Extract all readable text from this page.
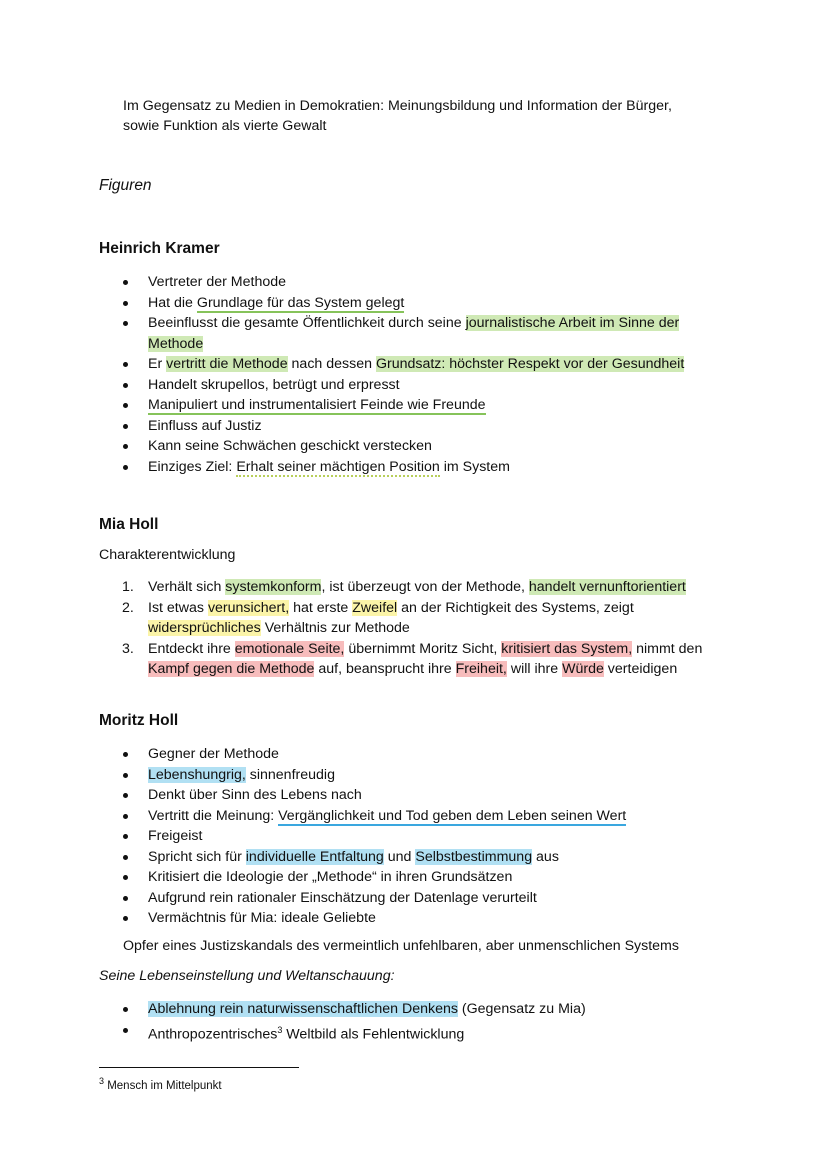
Im Gegensatz zu Medien in Demokratien: Meinungsbildung und Information der Bürger,
sowie Funktion als vierte Gewalt
Figuren
Heinrich Kramer
Vertreter der Methode
Hat die Grundlage für das System gelegt
Beeinflusst die gesamte Öffentlichkeit durch seine journalistische Arbeit im Sinne der Methode
Er vertritt die Methode nach dessen Grundsatz: höchster Respekt vor der Gesundheit
Handelt skrupellos, betrügt und erpresst
Manipuliert und instrumentalisiert Feinde wie Freunde
Einfluss auf Justiz
Kann seine Schwächen geschickt verstecken
Einziges Ziel: Erhalt seiner mächtigen Position im System
Mia Holl
Charakterentwicklung
1. Verhält sich systemkonform, ist überzeugt von der Methode, handelt vernunftorientiert
2. Ist etwas verunsichert, hat erste Zweifel an der Richtigkeit des Systems, zeigt widersprüchliches Verhältnis zur Methode
3. Entdeckt ihre emotionale Seite, übernimmt Moritz Sicht, kritisiert das System, nimmt den Kampf gegen die Methode auf, beansprucht ihre Freiheit, will ihre Würde verteidigen
Moritz Holl
Gegner der Methode
Lebenshungrig, sinnenfreudig
Denkt über Sinn des Lebens nach
Vertritt die Meinung: Vergänglichkeit und Tod geben dem Leben seinen Wert
Freigeist
Spricht sich für individuelle Entfaltung und Selbstbestimmung aus
Kritisiert die Ideologie der „Methode“ in ihren Grundsätzen
Aufgrund rein rationaler Einschätzung der Datenlage verurteilt
Vermächtnis für Mia: ideale Geliebte
Opfer eines Justizskandals des vermeintlich unfehlbaren, aber unmenschlichen Systems
Seine Lebenseinstellung und Weltanschauung:
Ablehnung rein naturwissenschaftlichen Denkens (Gegensatz zu Mia)
Anthropozentrisches$^3$ Weltbild als Fehlentwicklung
$^3$ Mensch im Mittelpunkt
